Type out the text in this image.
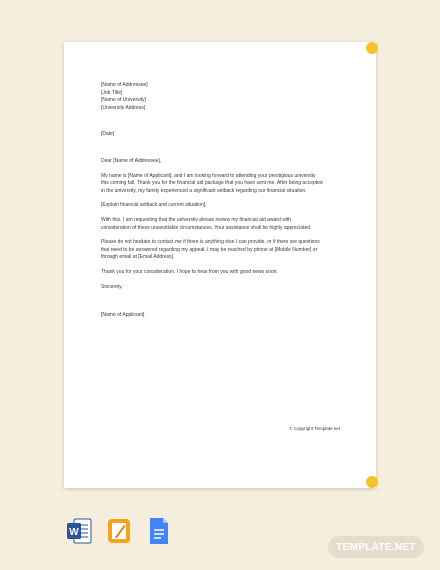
[Name of Addressee]
[Job Title]
[Name of University]
[University Address]
[Date]
Dear [Name of Addressee],
My name is [Name of Applicant], and I am looking forward to attending your prestigious university
this coming fall. Thank you for the financial aid package that you have sent me. After being accepted
in the university, my family experienced a significant setback regarding our financial situation.
[Explain financial setback and current situation].
With this, I am requesting that the university please review my financial aid award with
consideration of these unavoidable circumstances. Your assistance shall be highly appreciated.
Please do not hesitate to contact me if there is anything else I can provide, or if there are questions
that need to be answered regarding my appeal. I may be reached by phone at [Mobile Number] or
through email at [Email Address].
Thank you for your consideration. I hope to hear from you with good news soon.
Sincerely,
[Name of Applicant]
© Copyright Template.net
W
TEMPLATE.NET
